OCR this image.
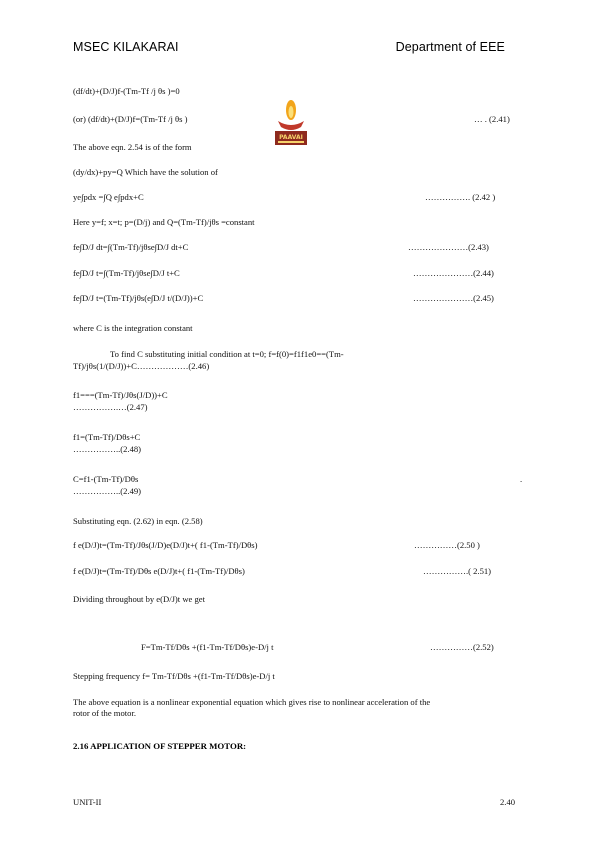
MSEC KILAKARAI	Department of EEE
PAAVAI
(df/dt)+(D/J)f-(Tm-Tf /j θs )=0
(or) (df/dt)+(D/J)f=(Tm-Tf /j θs )	… . (2.41)
The above eqn. 2.54 is of the form
(dy/dx)+py=Q Which have the solution of
ye∫pdx =∫Q e∫pdx+C	……………. (2.42 )
Here y=f; x=t; p=(D/j) and Q=(Tm-Tf)/jθs =constant
fe∫D/J dt=∫(Tm-Tf)/jθse∫D/J dt+C	…………………(2.43)
fe∫D/J t=∫(Tm-Tf)/jθse∫D/J t+C	…………………(2.44)
fe∫D/J t=(Tm-Tf)/jθs(e∫D/J t/(D/J))+C	…………………(2.45)
where C is the integration constant
To find C substituting initial condition at t=0; f=f(0)=f1f1e0==(Tm-
Tf)/jθs(1/(D/J))+C………………(2.46)
f1===(Tm-Tf)/Jθs(J/D))+C
…………….…(2.47)
f1=(Tm-Tf)/Dθs+C
……………..(2.48)
C=f1-(Tm-Tf)/Dθs
……………..(2.49)
.
Substituting eqn. (2.62) in eqn. (2.58)
f e(D/J)t=(Tm-Tf)/Jθs(J/D)e(D/J)t+( f1-(Tm-Tf)/Dθs)	……………(2.50 )
f e(D/J)t=(Tm-Tf)/Dθs e(D/J)t+( f1-(Tm-Tf)/Dθs)	…………….( 2.51)
Dividing throughout by e(D/J)t we get
F=Tm-Tf/Dθs +(f1-Tm-Tf/Dθs)e-D/j t	……………(2.52)
Stepping frequency f= Tm-Tf/Dθs +(f1-Tm-Tf/Dθs)e-D/j t
The above equation is a nonlinear exponential equation which gives rise to nonlinear acceleration of the rotor of the motor.
2.16 APPLICATION OF STEPPER MOTOR:
UNIT-II	2.40
